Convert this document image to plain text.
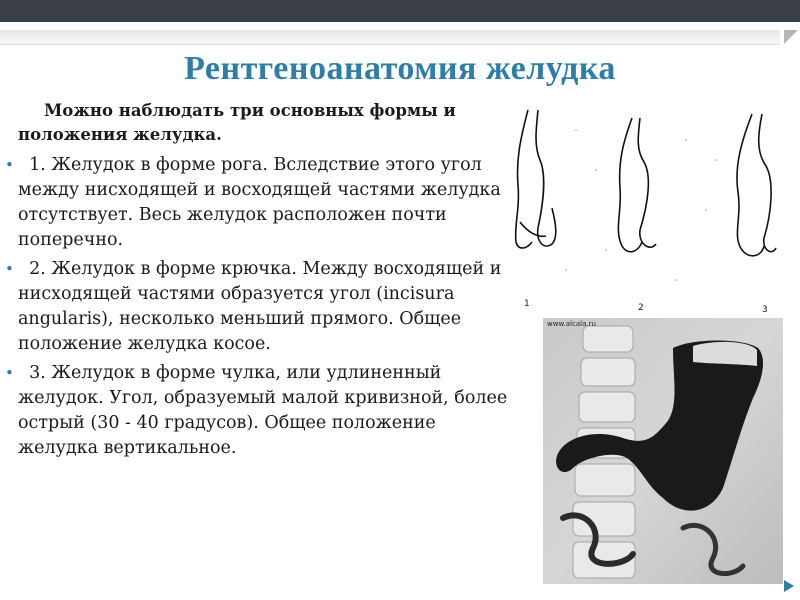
Рентгеноанатомия желудка

Можно наблюдать три основных формы и положения желудка.

• 1. Желудок в форме рога. Вследствие этого угол между нисходящей и восходящей частями желудка отсутствует. Весь желудок расположен почти поперечно.
• 2. Желудок в форме крючка. Между восходящей и нисходящей частями образуется угол (incisura angularis), несколько меньший прямого. Общее положение желудка косое.
• 3. Желудок в форме чулка, или удлиненный желудок. Угол, образуемый малой кривизной, более острый (30 - 40 градусов). Общее положение желудка вертикальное.
1	2	3
www.alcala.ru
